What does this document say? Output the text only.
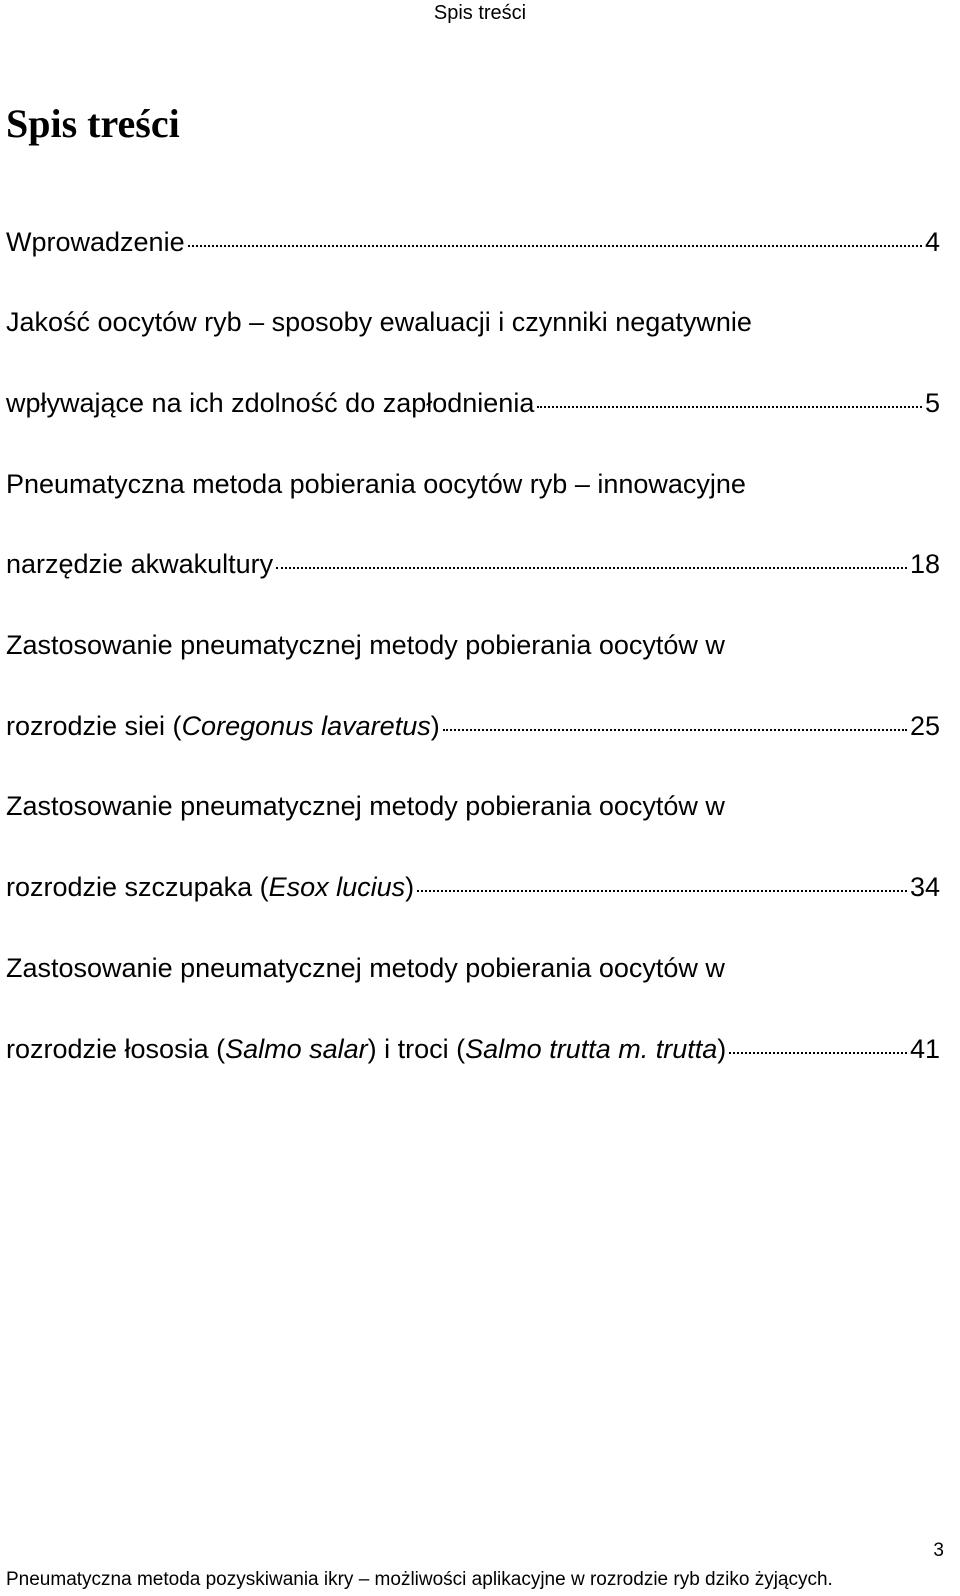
Spis treści
Spis treści
Wprowadzenie	4
Jakość oocytów ryb – sposoby ewaluacji i czynniki negatywnie
wpływające na ich zdolność do zapłodnienia	5
Pneumatyczna metoda pobierania oocytów ryb – innowacyjne
narzędzie akwakultury	18
Zastosowanie pneumatycznej metody pobierania oocytów w
rozrodzie siei (Coregonus lavaretus)	25
Zastosowanie pneumatycznej metody pobierania oocytów w
rozrodzie szczupaka (Esox lucius)	34
Zastosowanie pneumatycznej metody pobierania oocytów w
rozrodzie łososia (Salmo salar) i troci (Salmo trutta m. trutta)	41
3
Pneumatyczna metoda pozyskiwania ikry – możliwości aplikacyjne w rozrodzie ryb dziko żyjących.
